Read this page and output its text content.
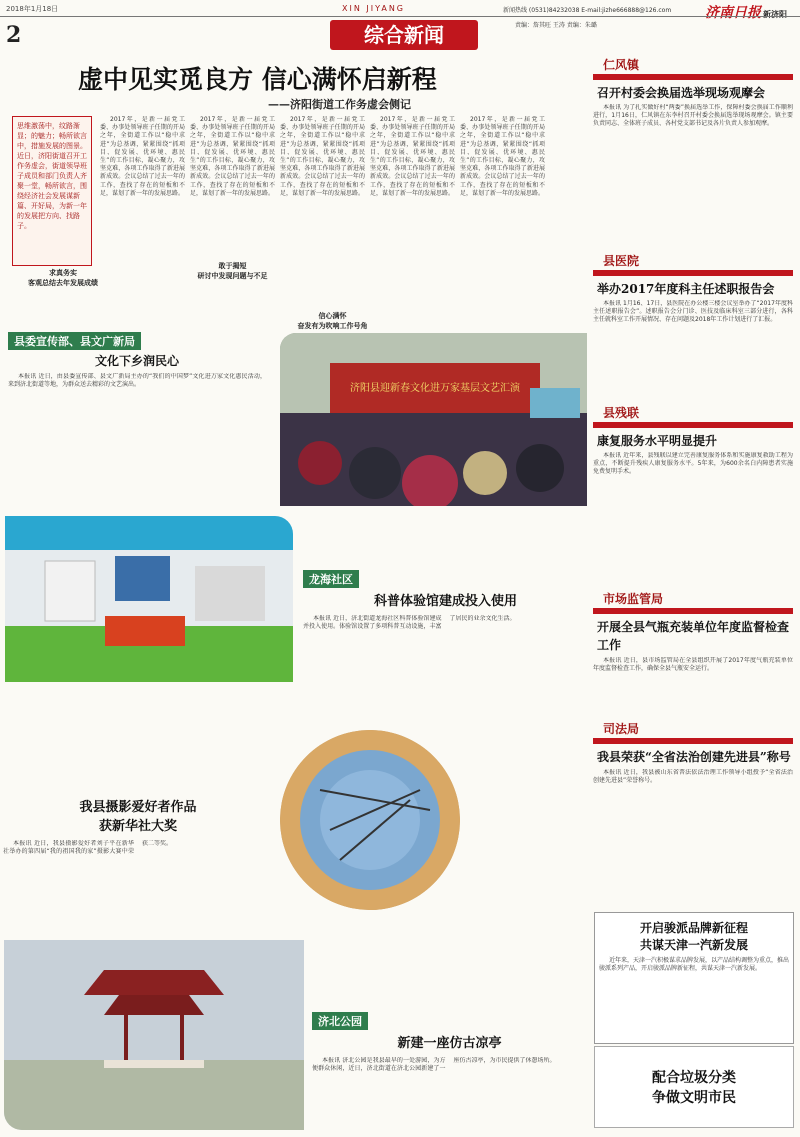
2018年1月18日
2
XIN JIYANG	新闻热线 (0531)84232038 E-mail:jizhe666888@126.com
责编：詹其旺 王涛 责编：朱璐
济南日报 新济阳
综合新闻
虚中见实觅良方 信心满怀启新程
——济阳街道工作务虚会侧记
思维激荡中，纹路渐显；的魅力；畅所欲言中，措施发展的图景。近日，济阳街道召开工作务虚会，街道领导班子成员和部门负责人齐聚一堂，畅所欲言，围绕经济社会发展谋新篇、开好局，为新一年的发展把方向、找路子。
求真务实
客观总结去年发展成绩

2017年，是新一届党工委、办事处领导班子任期的开局之年，全街道工作以“稳中求进”为总基调，紧紧围绕“抓项目、促发展、优环境、惠民生”的工作目标，凝心聚力，攻坚克难，各项工作取得了新进展新成效。会议总结了过去一年的工作，查找了存在的短板和不足，谋划了新一年的发展思路。

2017年，是新一届党工委、办事处领导班子任期的开局之年，全街道工作以“稳中求进”为总基调，紧紧围绕“抓项目、促发展、优环境、惠民生”的工作目标，凝心聚力，攻坚克难，各项工作取得了新进展新成效。会议总结了过去一年的工作，查找了存在的短板和不足，谋划了新一年的发展思路。

敢于揭短
研讨中发现问题与不足

2017年，是新一届党工委、办事处领导班子任期的开局之年，全街道工作以“稳中求进”为总基调，紧紧围绕“抓项目、促发展、优环境、惠民生”的工作目标，凝心聚力，攻坚克难，各项工作取得了新进展新成效。会议总结了过去一年的工作，查找了存在的短板和不足，谋划了新一年的发展思路。

信心满怀
奋发有为吹响工作号角

2017年，是新一届党工委、办事处领导班子任期的开局之年，全街道工作以“稳中求进”为总基调，紧紧围绕“抓项目、促发展、优环境、惠民生”的工作目标，凝心聚力，攻坚克难，各项工作取得了新进展新成效。会议总结了过去一年的工作，查找了存在的短板和不足，谋划了新一年的发展思路。

2017年，是新一届党工委、办事处领导班子任期的开局之年，全街道工作以“稳中求进”为总基调，紧紧围绕“抓项目、促发展、优环境、惠民生”的工作目标，凝心聚力，攻坚克难，各项工作取得了新进展新成效。会议总结了过去一年的工作，查找了存在的短板和不足，谋划了新一年的发展思路。

仁风镇
召开村委会换届选举现场观摩会

本报讯 为了扎实做好村“两委”换届选举工作，保障村委会换届工作顺利进行，1月16日，仁风镇在东李村召开村委会换届选举现场观摩会。镇主要负责同志、全体班子成员、各村党支部书记及各片负责人参加观摩。

县医院
举办2017年度科主任述职报告会

本报讯 1月16、17日，县医院在办公楼三楼会议室举办了“2017年度科主任述职报告会”。述职报告会分门诊、医技及临床科室三部分进行，各科主任就科室工作开展情况、存在问题及2018年工作计划进行了汇报。

县残联
康复服务水平明显提升

本报讯 近年来，县残联以建立完善康复服务体系和实施康复救助工程为重点，不断提升残疾人康复服务水平。5年来，为600余名白内障患者实施免费复明手术。

市场监管局
开展全县气瓶充装单位年度监督检查工作

本报讯 近日，县市场监管局在全县组织开展了2017年度气瓶充装单位年度监督检查工作，确保全县气瓶安全运行。

司法局
我县荣获“全省法治创建先进县”称号

本报讯 近日，我县被山东省普法依法治理工作领导小组授予“全省法治创建先进县”荣誉称号。

开启骏派品牌新征程
共谋天津一汽新发展

近年来，天津一汽积极谋求品牌发展，以产品结构调整为重点，推出骏派系列产品，开启骏派品牌新征程，共谋天津一汽新发展。

配合垃圾分类
争做文明市民
县委宣传部、县文广新局
文化下乡润民心

本报讯 近日，由县委宣传部、县文广新局主办的“我们的中国梦”文化进万家文化惠民活动，来到济北街道等地，为群众送去精彩的文艺演出。	济阳县迎新春文化进万家基层文艺汇演
龙海社区
科普体验馆建成投入使用

本报讯 近日，济北街道龙海社区科普体验馆建成并投入使用。体验馆设置了多项科普互动设施，丰富了居民的业余文化生活。

我县摄影爱好者作品
获新华社大奖

本报讯 近日，我县摄影爱好者刘子平在新华社举办的第四届“我的祖国我的家”摄影大赛中荣获二等奖。

济北公园
新建一座仿古凉亭

本报讯 济北公园是我县最早的一处游园，为方便群众休闲，近日，济北街道在济北公园新建了一座仿古凉亭，为市民提供了休憩场所。
